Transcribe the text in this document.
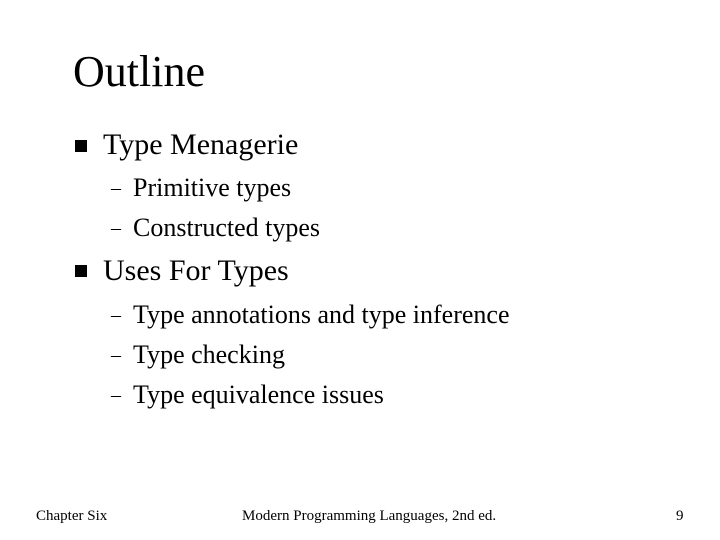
Outline
Type Menagerie
– Primitive types
– Constructed types
Uses For Types
– Type annotations and type inference
– Type checking
– Type equivalence issues
Chapter Six	Modern Programming Languages, 2nd ed.	9
